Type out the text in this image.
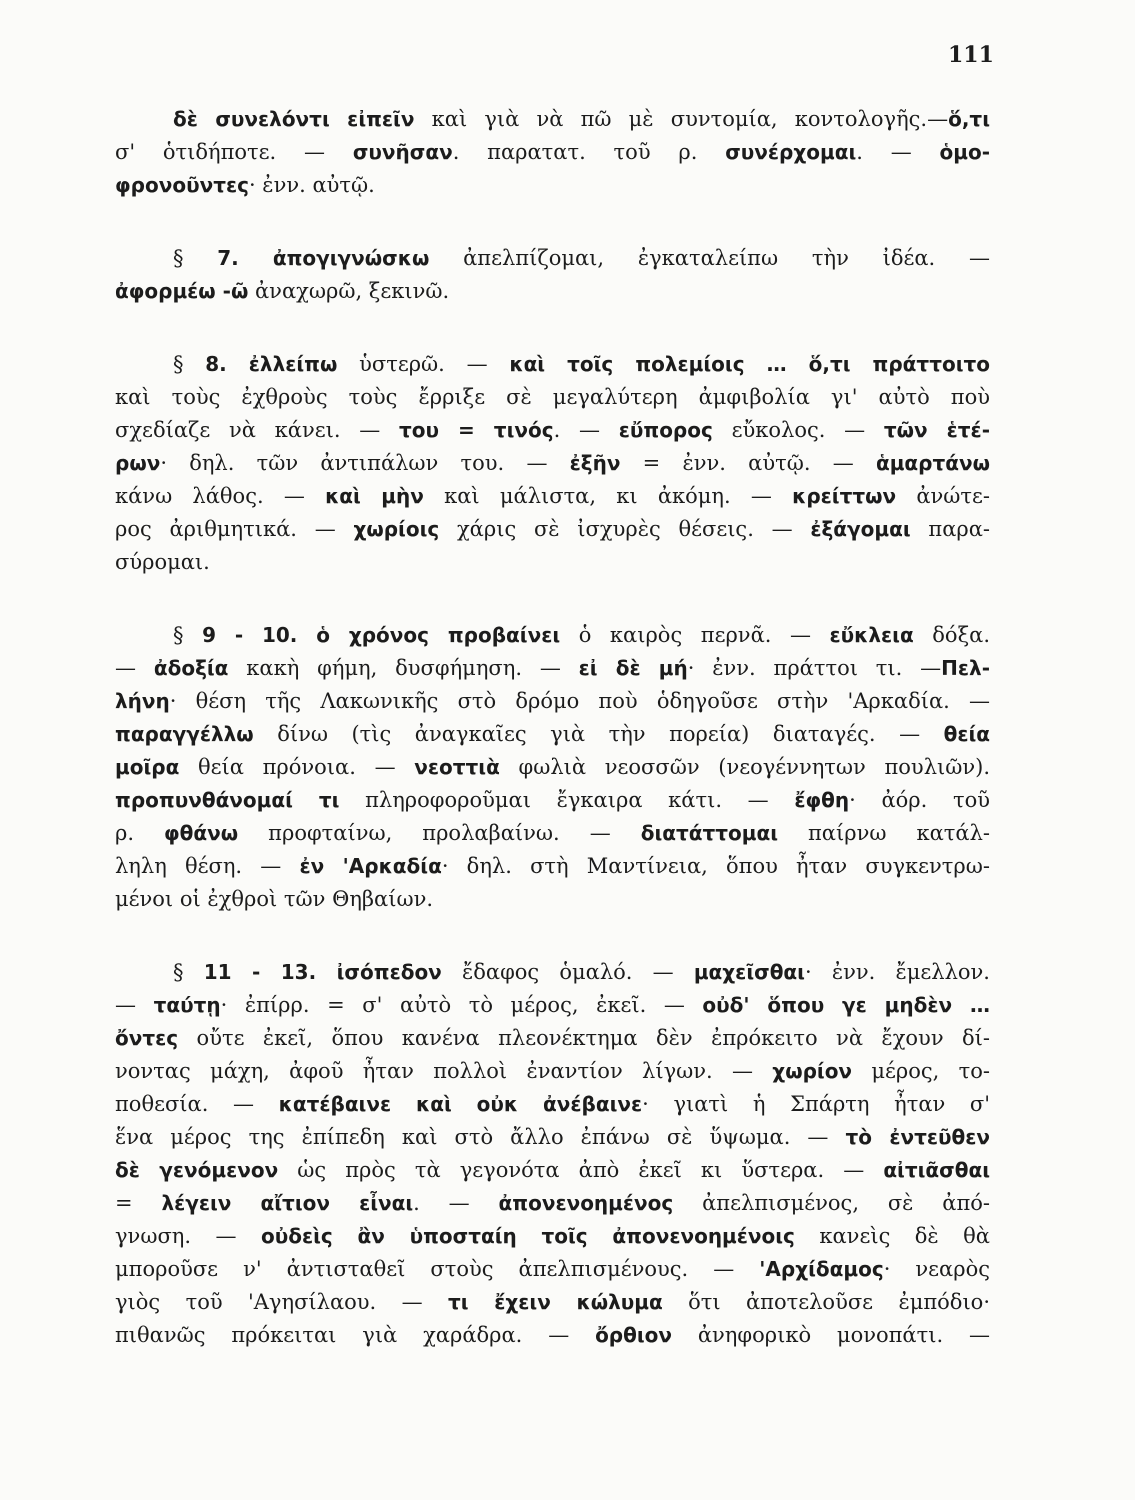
111
δὲ συνελόντι εἰπεῖν καὶ γιὰ νὰ πῶ μὲ συντομία, κοντολογῆς.—ὅ,τι
σ' ὁτιδήποτε. — συνῆσαν. παρατατ. τοῦ ρ. συνέρχομαι. — ὁμο-
φρονοῦντες· ἐνν. αὐτῷ.
§ 7. ἀπογιγνώσκω ἀπελπίζομαι, ἐγκαταλείπω τὴν ἰδέα. —
ἀφορμέω -ῶ ἀναχωρῶ, ξεκινῶ.
§ 8. ἐλλείπω ὑστερῶ. — καὶ τοῖς πολεμίοις … ὅ,τι πράττοιτο
καὶ τοὺς ἐχθροὺς τοὺς ἔρριξε σὲ μεγαλύτερη ἀμφιβολία γι' αὐτὸ ποὺ
σχεδίαζε νὰ κάνει. — του = τινός. — εὔπορος εὔκολος. — τῶν ἑτέ-
ρων· δηλ. τῶν ἀντιπάλων του. — ἐξῆν = ἐνν. αὐτῷ. — ἁμαρτάνω
κάνω λάθος. — καὶ μὴν καὶ μάλιστα, κι ἀκόμη. — κρείττων ἀνώτε-
ρος ἀριθμητικά. — χωρίοις χάρις σὲ ἰσχυρὲς θέσεις. — ἐξάγομαι παρα-
σύρομαι.
§ 9 - 10. ὁ χρόνος προβαίνει ὁ καιρὸς περνᾶ. — εὔκλεια δόξα.
— ἀδοξία κακὴ φήμη, δυσφήμηση. — εἰ δὲ μή· ἐνν. πράττοι τι. —Πελ-
λήνη· θέση τῆς Λακωνικῆς στὸ δρόμο ποὺ ὁδηγοῦσε στὴν 'Αρκαδία. —
παραγγέλλω δίνω (τὶς ἀναγκαῖες γιὰ τὴν πορεία) διαταγές. — θεία
μοῖρα θεία πρόνοια. — νεοττιὰ φωλιὰ νεοσσῶν (νεογέννητων πουλιῶν).
προπυνθάνομαί τι πληροφοροῦμαι ἔγκαιρα κάτι. — ἔφθη· ἀόρ. τοῦ
ρ. φθάνω προφταίνω, προλαβαίνω. — διατάττομαι παίρνω κατάλ-
ληλη θέση. — ἐν 'Αρκαδία· δηλ. στὴ Μαντίνεια, ὅπου ἦταν συγκεντρω-
μένοι οἱ ἐχθροὶ τῶν Θηβαίων.
§ 11 - 13. ἰσόπεδον ἔδαφος ὁμαλό. — μαχεῖσθαι· ἐνν. ἔμελλον.
— ταύτῃ· ἐπίρρ. = σ' αὐτὸ τὸ μέρος, ἐκεῖ. — οὐδ' ὅπου γε μηδὲν …
ὄντες οὔτε ἐκεῖ, ὅπου κανένα πλεονέκτημα δὲν ἐπρόκειτο νὰ ἔχουν δί-
νοντας μάχη, ἀφοῦ ἦταν πολλοὶ ἐναντίον λίγων. — χωρίον μέρος, το-
ποθεσία. — κατέβαινε καὶ οὐκ ἀνέβαινε· γιατὶ ἡ Σπάρτη ἦταν σ'
ἕνα μέρος της ἐπίπεδη καὶ στὸ ἄλλο ἐπάνω σὲ ὕψωμα. — τὸ ἐντεῦθεν
δὲ γενόμενον ὡς πρὸς τὰ γεγονότα ἀπὸ ἐκεῖ κι ὕστερα. — αἰτιᾶσθαι
= λέγειν αἴτιον εἶναι. — ἀπονενοημένος ἀπελπισμένος, σὲ ἀπό-
γνωση. — οὐδεὶς ἂν ὑποσταίη τοῖς ἀπονενοημένοις κανεὶς δὲ θὰ
μποροῦσε ν' ἀντισταθεῖ στοὺς ἀπελπισμένους. — 'Αρχίδαμος· νεαρὸς
γιὸς τοῦ 'Αγησίλαου. — τι ἔχειν κώλυμα ὅτι ἀποτελοῦσε ἐμπόδιο·
πιθανῶς πρόκειται γιὰ χαράδρα. — ὄρθιον ἀνηφορικὸ μονοπάτι. —
